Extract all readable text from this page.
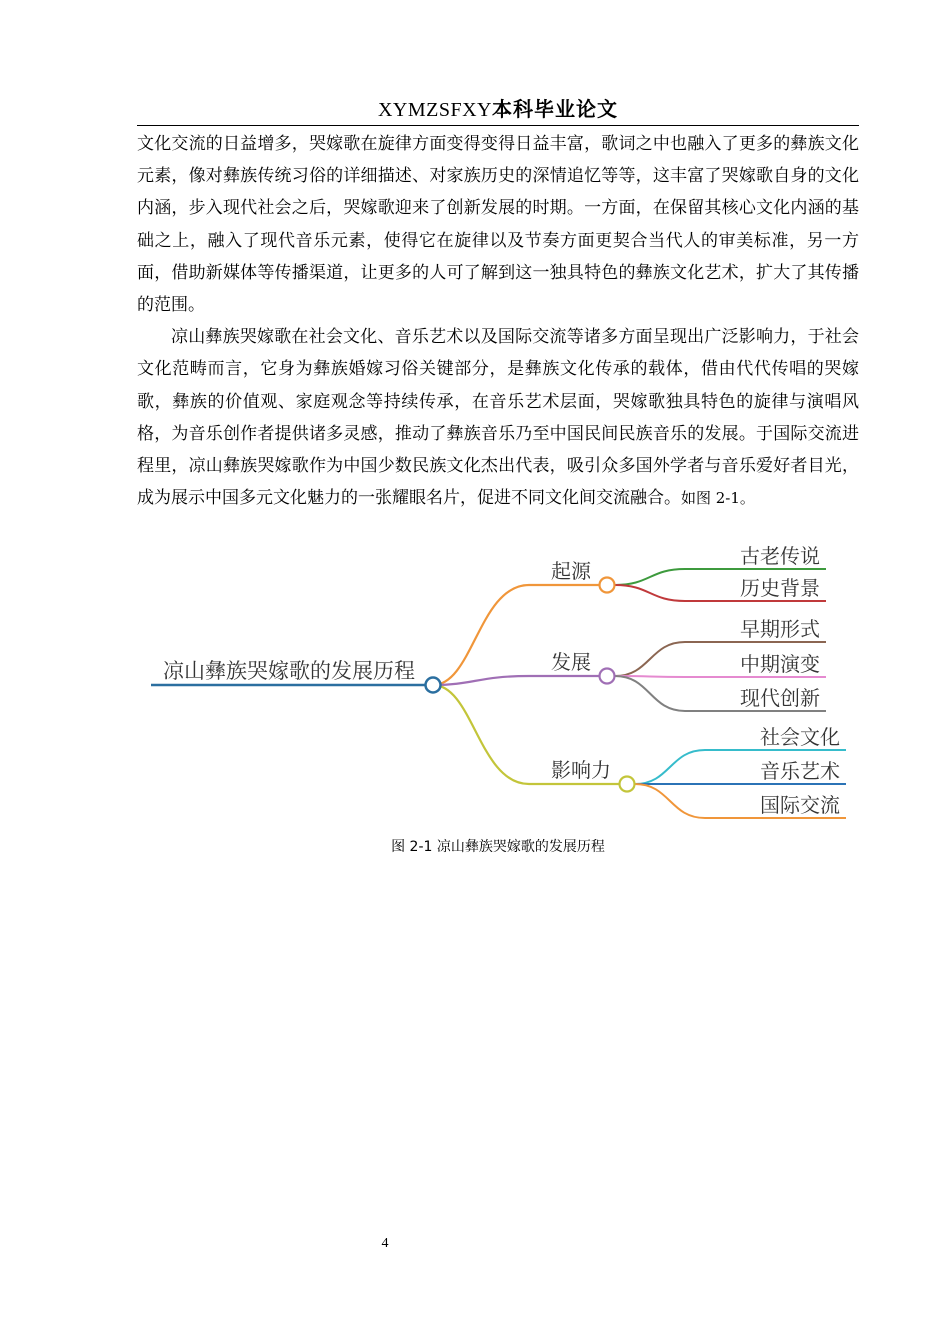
XYMZSFXY本科毕业论文

文化交流的日益增多，哭嫁歌在旋律方面变得变得日益丰富，歌词之中也融入了更多的彝族文化元素，像对彝族传统习俗的详细描述、对家族历史的深情追忆等等，这丰富了哭嫁歌自身的文化内涵，步入现代社会之后，哭嫁歌迎来了创新发展的时期。一方面，在保留其核心文化内涵的基础之上，融入了现代音乐元素，使得它在旋律以及节奏方面更契合当代人的审美标准，另一方面，借助新媒体等传播渠道，让更多的人可了解到这一独具特色的彝族文化艺术，扩大了其传播的范围。

凉山彝族哭嫁歌在社会文化、音乐艺术以及国际交流等诸多方面呈现出广泛影响力，于社会文化范畴而言，它身为彝族婚嫁习俗关键部分，是彝族文化传承的载体，借由代代传唱的哭嫁歌，彝族的价值观、家庭观念等持续传承，在音乐艺术层面，哭嫁歌独具特色的旋律与演唱风格，为音乐创作者提供诸多灵感，推动了彝族音乐乃至中国民间民族音乐的发展。于国际交流进程里，凉山彝族哭嫁歌作为中国少数民族文化杰出代表，吸引众多国外学者与音乐爱好者目光，成为展示中国多元文化魅力的一张耀眼名片，促进不同文化间交流融合。如图 2-1。

凉山彝族哭嫁歌的发展历程
起源
古老传说
历史背景
发展
早期形式
中期演变
现代创新
影响力
社会文化
音乐艺术
国际交流
图 2-1 凉山彝族哭嫁歌的发展历程
4
